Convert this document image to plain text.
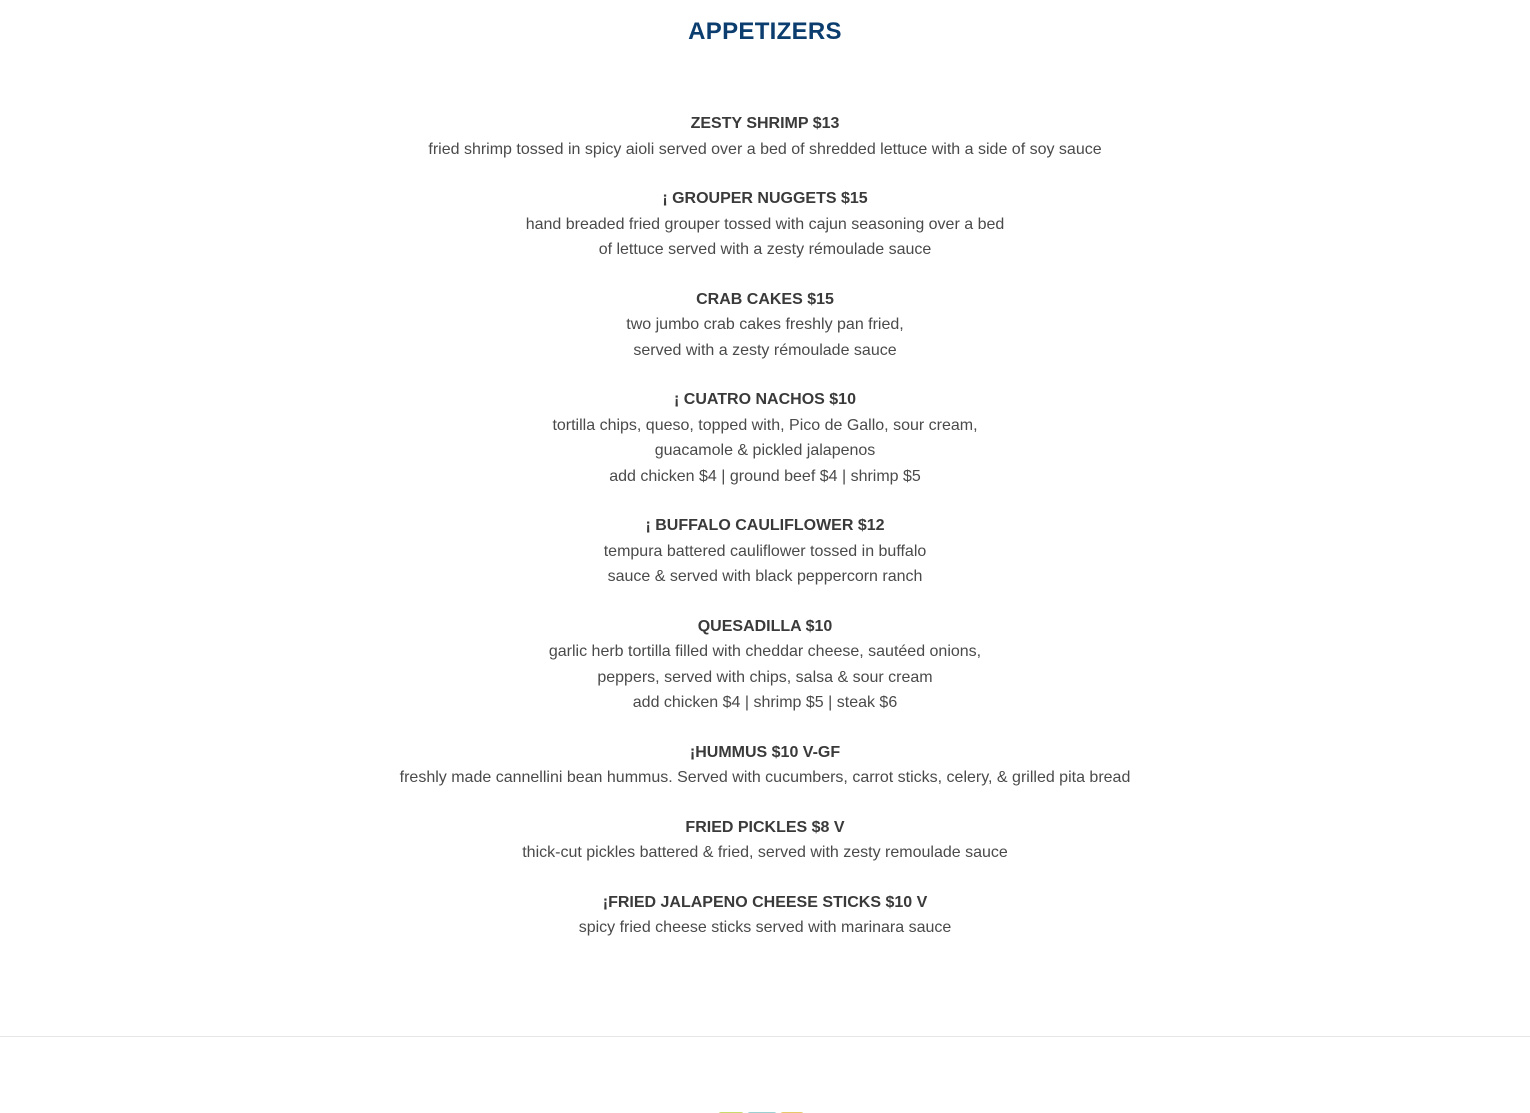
APPETIZERS

ZESTY SHRIMP $13

fried shrimp tossed in spicy aioli served over a bed of shredded lettuce with a side of soy sauce

¡ GROUPER NUGGETS $15

hand breaded fried grouper tossed with cajun seasoning over a bed

of lettuce served with a zesty rémoulade sauce

CRAB CAKES $15

two jumbo crab cakes freshly pan fried,

served with a zesty rémoulade sauce

¡ CUATRO NACHOS $10

tortilla chips, queso, topped with, Pico de Gallo, sour cream,

guacamole & pickled jalapenos

add chicken $4 | ground beef $4 | shrimp $5

¡ BUFFALO CAULIFLOWER $12

tempura battered cauliflower tossed in buffalo

sauce & served with black peppercorn ranch

QUESADILLA $10

garlic herb tortilla filled with cheddar cheese, sautéed onions,

peppers, served with chips, salsa & sour cream

add chicken $4 | shrimp $5 | steak $6

¡HUMMUS $10 V-GF

freshly made cannellini bean hummus. Served with cucumbers, carrot sticks, celery, & grilled pita bread

FRIED PICKLES $8 V

thick-cut pickles battered & fried, served with zesty remoulade sauce

¡FRIED JALAPENO CHEESE STICKS $10 V

spicy fried cheese sticks served with marinara sauce
